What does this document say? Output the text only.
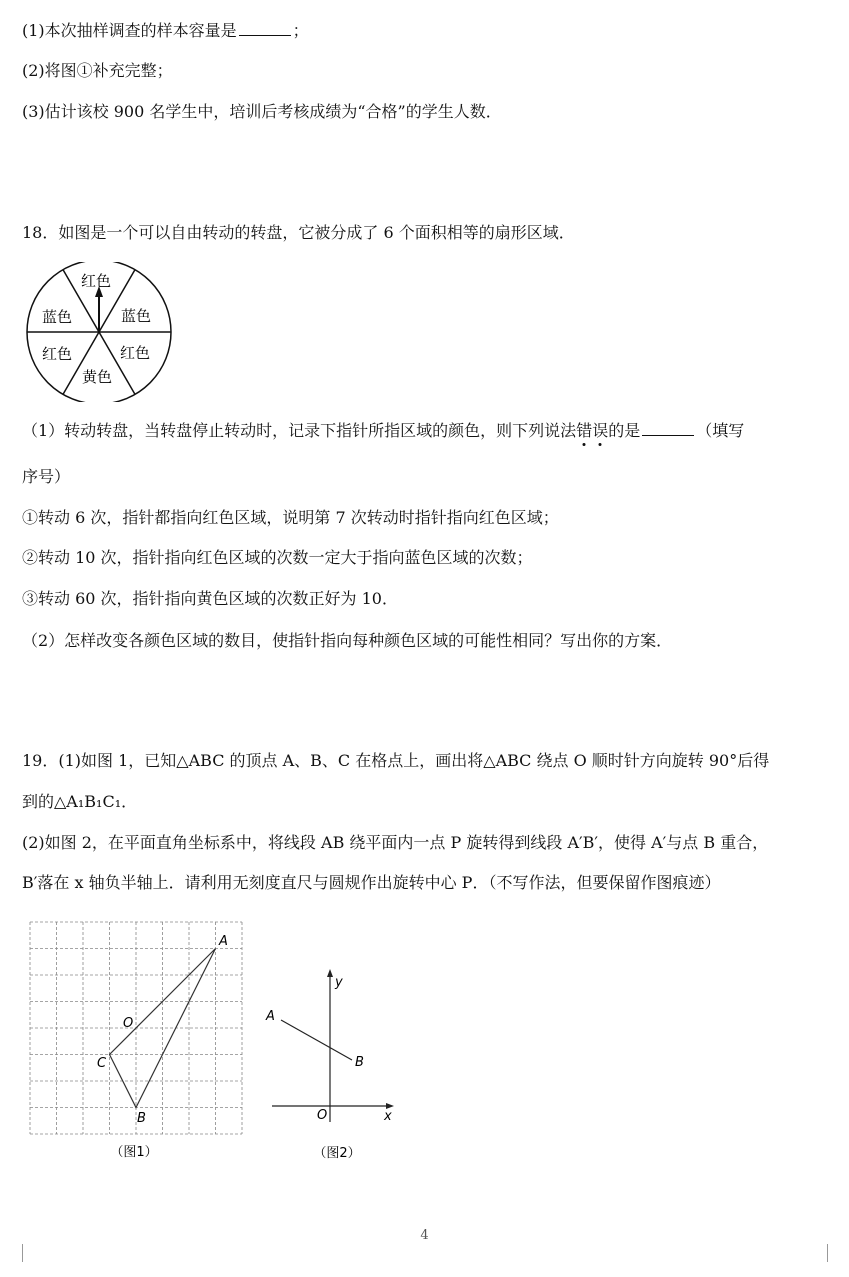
(1)本次抽样调查的样本容量是	；
(2)将图①补充完整；
(3)估计该校 900 名学生中，培训后考核成绩为“合格”的学生人数．
18．如图是一个可以自由转动的转盘，它被分成了 6 个面积相等的扇形区域．
红色
蓝色
红色
黄色
红色
蓝色
（1）转动转盘，当转盘停止转动时，记录下指针所指区域的颜色，则下列说法错误
的是	（填写
序号）
①转动 6 次，指针都指向红色区域，说明第 7 次转动时指针指向红色区域；
②转动 10 次，指针指向红色区域的次数一定大于指向蓝色区域的次数；
③转动 60 次，指针指向黄色区域的次数正好为 10．
（2）怎样改变各颜色区域的数目，使指针指向每种颜色区域的可能性相同？写出你的方案．
19．(1)如图 1，已知△ABC 的顶点 A、B、C 在格点上，画出将△ABC 绕点 O 顺时针方向旋转 90°后得
到的△A₁B₁C₁．
(2)如图 2，在平面直角坐标系中，将线段 AB 绕平面内一点 P 旋转得到线段 A′B′，使得 A′与点 B 重合，
B′落在 x 轴负半轴上．请利用无刻度直尺与圆规作出旋转中心 P．（不写作法，但要保留作图痕迹）
A
B
C
O
（图1）
A
B
O	x
y
（图2）
4
